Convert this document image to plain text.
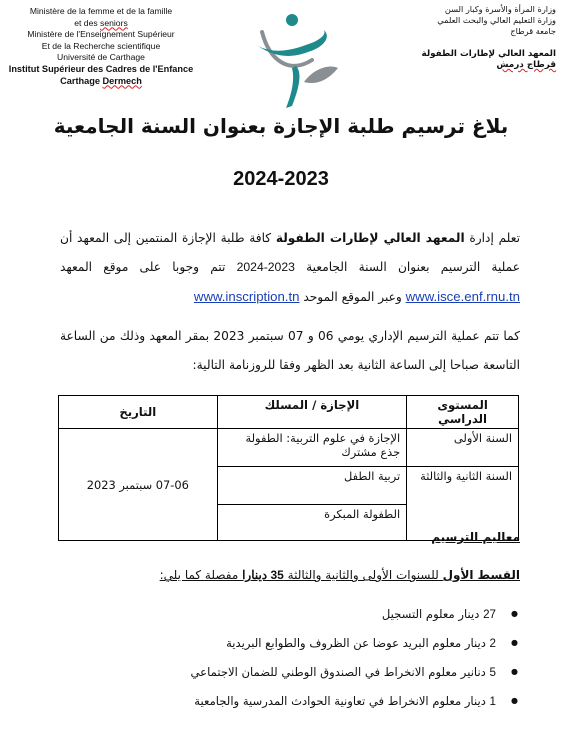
Ministère de la femme et de la famille
et des seniors
Ministère de l'Enseignement Supérieur
Et de la Recherche scientifique
Université de Carthage
Institut Supérieur des Cadres de l'Enfance
Carthage Dermech
وزارة المرأة والأسرة وكبار السن
وزارة التعليم العالي والبحث العلمي
جامعة قرطاج
المعهد العالي لإطارات الطفولة
قرطاج درمش
بلاغ ترسيم طلبة الإجازة بعنوان السنة الجامعية
2024-2023
تعلم إدارة المعهد العالي لإطارات الطفولة كافة طلبة الإجازة المنتمين إلى المعهد أن عملية الترسيم بعنوان السنة الجامعية 2024-2023 تتم وجوبا على موقع المعهد www.isce.enf.rnu.tn وعبر الموقع الموحد www.inscription.tn
كما تتم عملية الترسيم الإداري يومي 06 و 07 سبتمبر 2023 بمقر المعهد وذلك من الساعة التاسعة صباحا إلى الساعة الثانية بعد الظهر وفقا للروزنامة التالية:
المستوى الدراسي	الإجازة / المسلك	التاريخ
السنة الأولى	الإجازة في علوم التربية: الطفولة جذع مشترك	07-06 سبتمبر 2023
السنة الثانية والثالثة	تربية الطفل	
	الطفولة المبكرة	
معاليم الترسيم
القسط الأول للسنوات الأولى والثانية والثالثة 35 دينارا مفصلة كما يلي:
● 27 دينار معلوم التسجيل
● 2 دينار معلوم البريد عوضا عن الظروف والطوابع البريدية
● 5 دنانير معلوم الانخراط في الصندوق الوطني للضمان الاجتماعي
● 1 دينار معلوم الانخراط في تعاونية الحوادث المدرسية والجامعية
